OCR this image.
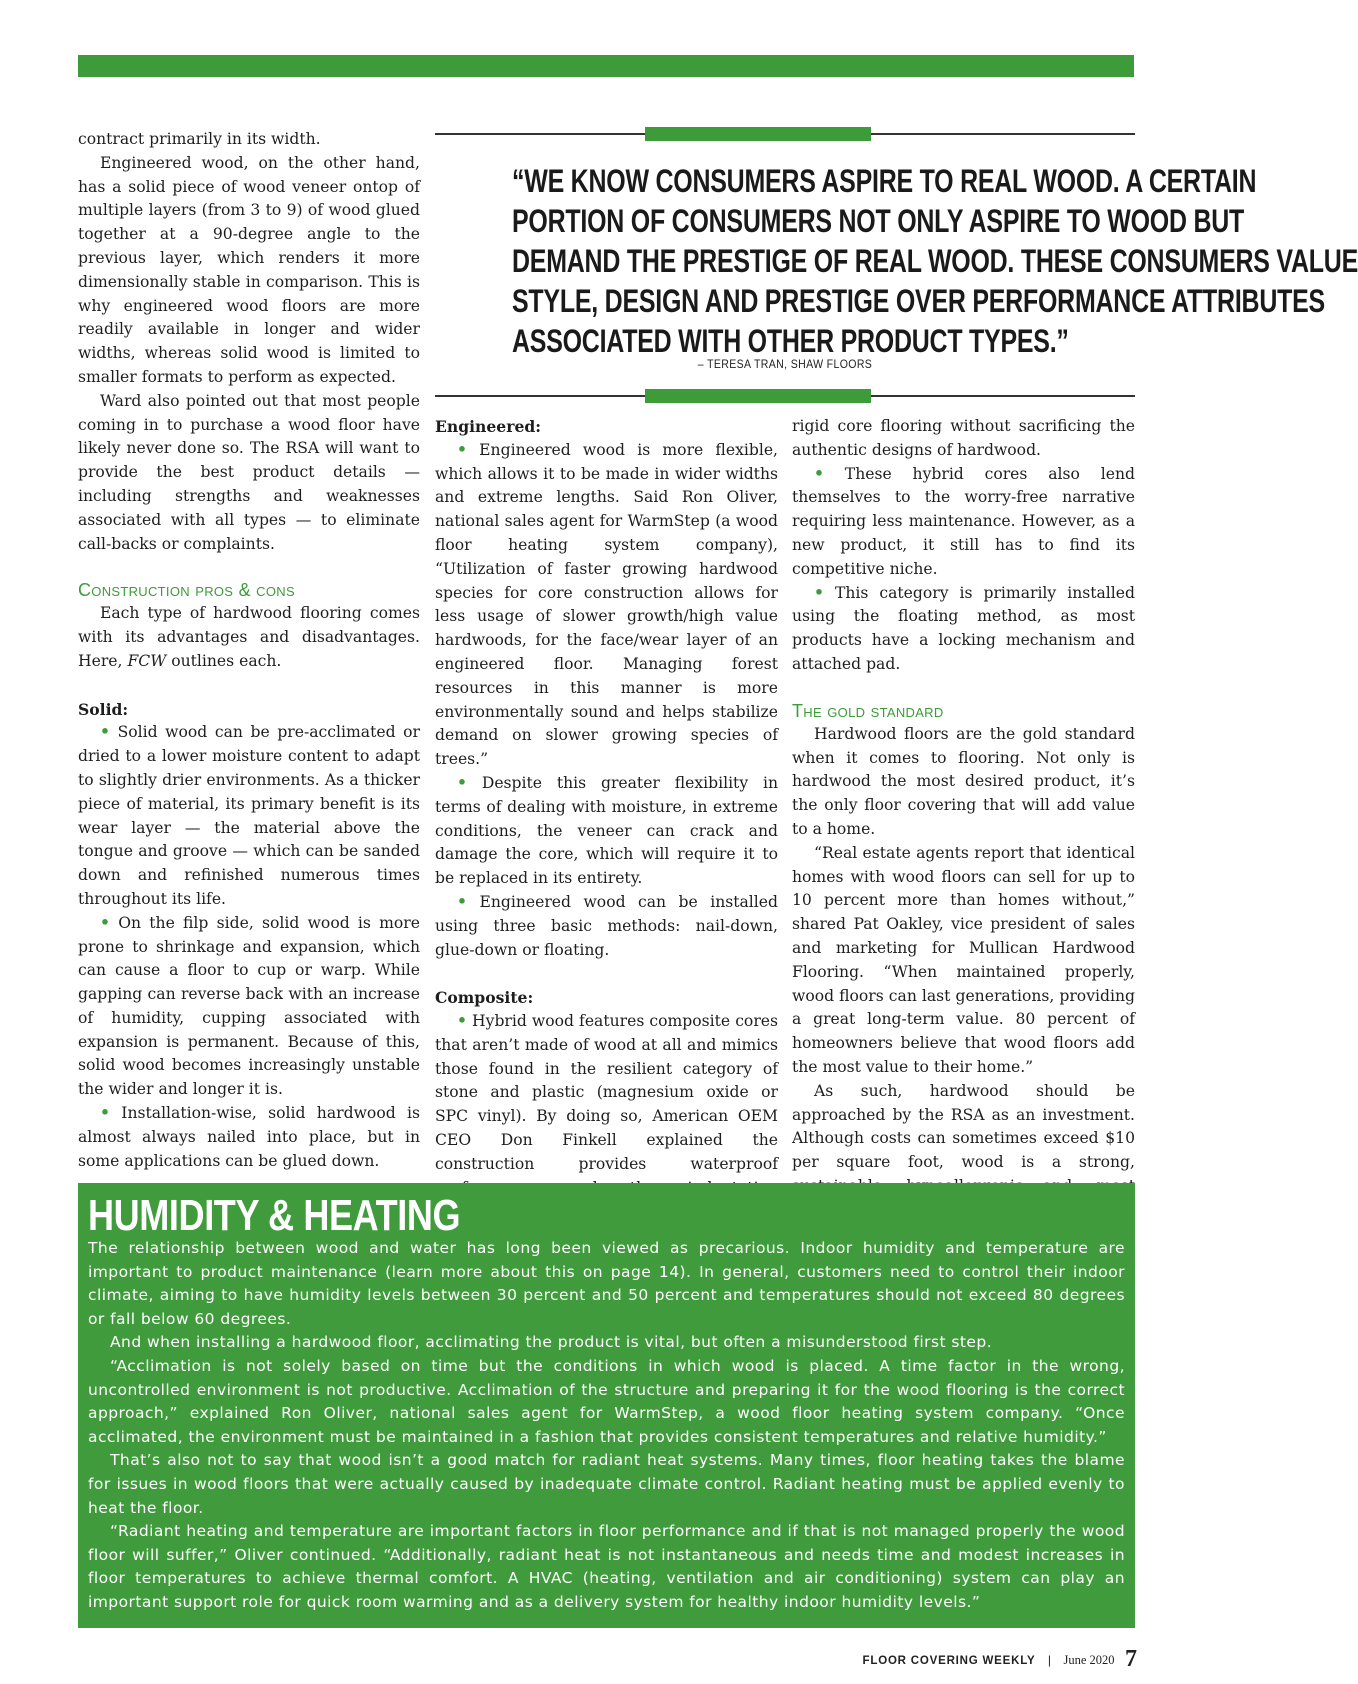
contract primarily in its width.

Engineered wood, on the other hand, has a solid piece of wood veneer ontop of multiple layers (from 3 to 9) of wood glued together at a 90-degree angle to the previous layer, which renders it more dimensionally stable in comparison. This is why engineered wood floors are more readily available in longer and wider widths, whereas solid wood is limited to smaller formats to perform as expected.

Ward also pointed out that most people coming in to purchase a wood floor have likely never done so. The RSA will want to provide the best product details — including strengths and weaknesses associated with all types — to eliminate call-backs or complaints.

Construction pros & cons

Each type of hardwood flooring comes with its advantages and disadvantages. Here, FCW outlines each.

Solid:

• Solid wood can be pre-acclimated or dried to a lower moisture content to adapt to slightly drier environments. As a thicker piece of material, its primary benefit is its wear layer — the material above the tongue and groove — which can be sanded down and refinished numerous times throughout its life.

• On the filp side, solid wood is more prone to shrinkage and expansion, which can cause a floor to cup or warp. While gapping can reverse back with an increase of humidity, cupping associated with expansion is permanent. Because of this, solid wood becomes increasingly unstable the wider and longer it is.

• Installation-wise, solid hardwood is almost always nailed into place, but in some applications can be glued down.

“WE KNOW CONSUMERS ASPIRE TO REAL WOOD. A CERTAIN
PORTION OF CONSUMERS NOT ONLY ASPIRE TO WOOD BUT
DEMAND THE PRESTIGE OF REAL WOOD. THESE CONSUMERS VALUE
STYLE, DESIGN AND PRESTIGE OVER PERFORMANCE ATTRIBUTES
ASSOCIATED WITH OTHER PRODUCT TYPES.”
– TERESA TRAN, SHAW FLOORS
Engineered:

• Engineered wood is more flexible, which allows it to be made in wider widths and extreme lengths. Said Ron Oliver, national sales agent for WarmStep (a wood floor heating system company), “Utilization of faster growing hardwood species for core construction allows for less usage of slower growth/high value hardwoods, for the face/wear layer of an engineered floor. Managing forest resources in this manner is more environmentally sound and helps stabilize demand on slower growing species of trees.”

• Despite this greater flexibility in terms of dealing with moisture, in extreme conditions, the veneer can crack and damage the core, which will require it to be replaced in its entirety.

• Engineered wood can be installed using three basic methods: nail-down, glue-down or floating.

Composite:

• Hybrid wood features composite cores that aren’t made of wood at all and mimics those found in the resilient category of stone and plastic (magnesium oxide or SPC vinyl). By doing so, American OEM CEO Don Finkell explained the construction provides waterproof

rigid core flooring without sacrificing the authentic designs of hardwood.

• These hybrid cores also lend themselves to the worry-free narrative requiring less maintenance. However, as a new product, it still has to find its competitive niche.

• This category is primarily installed using the floating method, as most products have a locking mechanism and attached pad.

The gold standard

Hardwood floors are the gold standard when it comes to flooring. Not only is hardwood the most desired product, it’s the only floor covering that will add value to a home.

“Real estate agents report that identical homes with wood floors can sell for up to 10 percent more than homes without,” shared Pat Oakley, vice president of sales and marketing for Mullican Hardwood Flooring. “When maintained properly, wood floors can last generations, providing a great long-term value. 80 percent of homeowners believe that wood floors add the most value to their home.”

As such, hardwood should be approached by the RSA as an investment. Although costs can sometimes exceed $10 per square foot, wood is a strong,

HUMIDITY & HEATING

The relationship between wood and water has long been viewed as precarious. Indoor humidity and temperature are important to product maintenance (learn more about this on page 14). In general, customers need to control their indoor climate, aiming to have humidity levels between 30 percent and 50 percent and temperatures should not exceed 80 degrees or fall below 60 degrees.

And when installing a hardwood floor, acclimating the product is vital, but often a misunderstood first step.

“Acclimation is not solely based on time but the conditions in which wood is placed. A time factor in the wrong, uncontrolled environment is not productive. Acclimation of the structure and preparing it for the wood flooring is the correct approach,” explained Ron Oliver, national sales agent for WarmStep, a wood floor heating system company. “Once acclimated, the environment must be maintained in a fashion that provides consistent temperatures and relative humidity.”

That’s also not to say that wood isn’t a good match for radiant heat systems. Many times, floor heating takes the blame for issues in wood floors that were actually caused by inadequate climate control. Radiant heating must be applied evenly to heat the floor.

“Radiant heating and temperature are important factors in floor performance and if that is not managed properly the wood floor will suffer,” Oliver continued. “Additionally, radiant heat is not instantaneous and needs time and modest increases in floor temperatures to achieve thermal comfort. A HVAC (heating, ventilation and air conditioning) system can play an important support role for quick room warming and as a delivery system for healthy indoor humidity levels.”

FLOOR COVERING WEEKLY | June 2020 7
